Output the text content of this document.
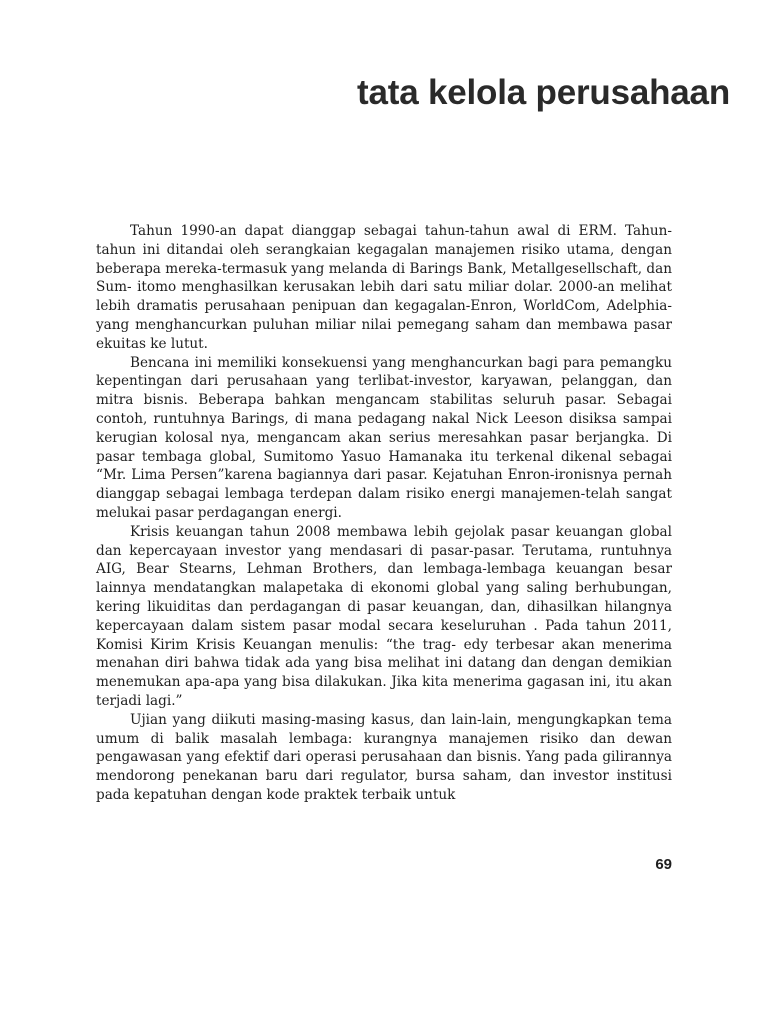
tata kelola perusahaan

Tahun 1990-an dapat dianggap sebagai tahun-tahun awal di ERM. Tahun-tahun ini ditandai oleh serangkaian kegagalan manajemen risiko utama, dengan beberapa mereka-termasuk yang melanda di Barings Bank, Metallgesellschaft, dan Sum- itomo menghasilkan kerusakan lebih dari satu miliar dolar. 2000-an melihat lebih dramatis perusahaan penipuan dan kegagalan-Enron, WorldCom, Adelphia-yang menghancurkan puluhan miliar nilai pemegang saham dan membawa pasar ekuitas ke lutut.

Bencana ini memiliki konsekuensi yang menghancurkan bagi para pemangku kepentingan dari perusahaan yang terlibat-investor, karyawan, pelanggan, dan mitra bisnis. Beberapa bahkan mengancam stabilitas seluruh pasar. Sebagai contoh, runtuhnya Barings, di mana pedagang nakal Nick Leeson disiksa sampai kerugian kolosal nya, mengancam akan serius meresahkan pasar berjangka. Di pasar tembaga global, Sumitomo Yasuo Hamanaka itu terkenal dikenal sebagai “Mr. Lima Persen”karena bagiannya dari pasar. Kejatuhan Enron-ironisnya pernah dianggap sebagai lembaga terdepan dalam risiko energi manajemen-telah sangat melukai pasar perdagangan energi.

Krisis keuangan tahun 2008 membawa lebih gejolak pasar keuangan global dan kepercayaan investor yang mendasari di pasar-pasar. Terutama, runtuhnya AIG, Bear Stearns, Lehman Brothers, dan lembaga-lembaga keuangan besar lainnya mendatangkan malapetaka di ekonomi global yang saling berhubungan, kering likuiditas dan perdagangan di pasar keuangan, dan, dihasilkan hilangnya kepercayaan dalam sistem pasar modal secara keseluruhan . Pada tahun 2011, Komisi Kirim Krisis Keuangan menulis: “the trag- edy terbesar akan menerima menahan diri bahwa tidak ada yang bisa melihat ini datang dan dengan demikian menemukan apa-apa yang bisa dilakukan. Jika kita menerima gagasan ini, itu akan terjadi lagi.”

Ujian yang diikuti masing-masing kasus, dan lain-lain, mengungkapkan tema umum di balik masalah lembaga: kurangnya manajemen risiko dan dewan pengawasan yang efektif dari operasi perusahaan dan bisnis. Yang pada gilirannya mendorong penekanan baru dari regulator, bursa saham, dan investor institusi pada kepatuhan dengan kode praktek terbaik untuk

69
